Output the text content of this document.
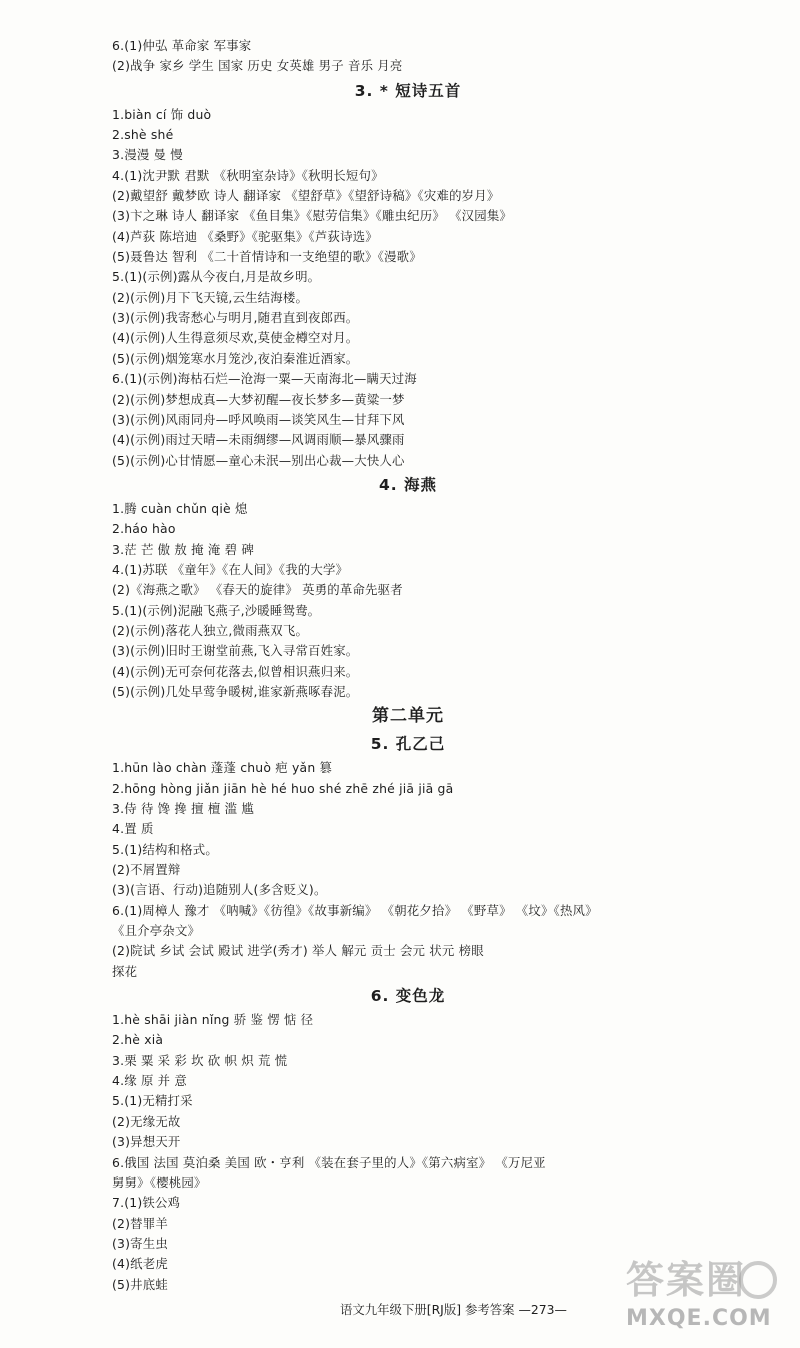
6.(1)仲弘 革命家 军事家
(2)战争 家乡 学生 国家 历史 女英雄 男子 音乐 月亮
3. * 短诗五首
1.biàn cí 饰 duò
2.shè shé
3.漫漫 曼 慢
4.(1)沈尹默 君默 《秋明室杂诗》《秋明长短句》
(2)戴望舒 戴梦欧 诗人 翻译家 《望舒草》《望舒诗稿》《灾难的岁月》
(3)卞之琳 诗人 翻译家 《鱼目集》《慰劳信集》《雕虫纪历》 《汉园集》
(4)芦荻 陈培迪 《桑野》《驼驱集》《芦荻诗选》
(5)聂鲁达 智利 《二十首情诗和一支绝望的歌》《漫歌》
5.(1)(示例)露从今夜白,月是故乡明。
(2)(示例)月下飞天镜,云生结海楼。
(3)(示例)我寄愁心与明月,随君直到夜郎西。
(4)(示例)人生得意须尽欢,莫使金樽空对月。
(5)(示例)烟笼寒水月笼沙,夜泊秦淮近酒家。
6.(1)(示例)海枯石烂—沧海一粟—天南海北—瞒天过海
(2)(示例)梦想成真—大梦初醒—夜长梦多—黄粱一梦
(3)(示例)风雨同舟—呼风唤雨—谈笑风生—甘拜下风
(4)(示例)雨过天晴—未雨绸缪—风调雨顺—暴风骤雨
(5)(示例)心甘情愿—童心未泯—别出心裁—大快人心
4. 海燕
1.腾 cuàn chǔn qiè 熄
2.háo hào
3.茫 芒 傲 敖 掩 淹 碧 碑
4.(1)苏联 《童年》《在人间》《我的大学》
(2)《海燕之歌》 《春天的旋律》 英勇的革命先驱者
5.(1)(示例)泥融飞燕子,沙暖睡鸳鸯。
(2)(示例)落花人独立,微雨燕双飞。
(3)(示例)旧时王谢堂前燕,飞入寻常百姓家。
(4)(示例)无可奈何花落去,似曾相识燕归来。
(5)(示例)几处早莺争暖树,谁家新燕啄春泥。
第二单元
5. 孔乙己
1.hūn lào chàn 蓬蓬 chuò 疤 yǎn 篡
2.hōng hòng jiǎn jiān hè hé huo shé zhē zhé jiā jiā gā
3.侍 待 馋 搀 擅 檀 滥 尴
4.置 质
5.(1)结构和格式。
(2)不屑置辩
(3)(言语、行动)追随别人(多含贬义)。
6.(1)周樟人 豫才 《呐喊》《彷徨》《故事新编》 《朝花夕拾》 《野草》 《坟》《热风》
《且介亭杂文》
(2)院试 乡试 会试 殿试 进学(秀才) 举人 解元 贡士 会元 状元 榜眼
探花
6. 变色龙
1.hè shāi jiàn nǐng 骄 鉴 愣 惦 径
2.hè xià
3.栗 粟 采 彩 坎 砍 帜 炽 荒 慌
4.缘 原 并 意
5.(1)无精打采
(2)无缘无故
(3)异想天开
6.俄国 法国 莫泊桑 美国 欧・亨利 《装在套子里的人》《第六病室》 《万尼亚
舅舅》《樱桃园》
7.(1)铁公鸡
(2)替罪羊
(3)寄生虫
(4)纸老虎
(5)井底蛙
语文九年级下册[RJ版] 参考答案 —273—
答案圈
MXQE.COM
